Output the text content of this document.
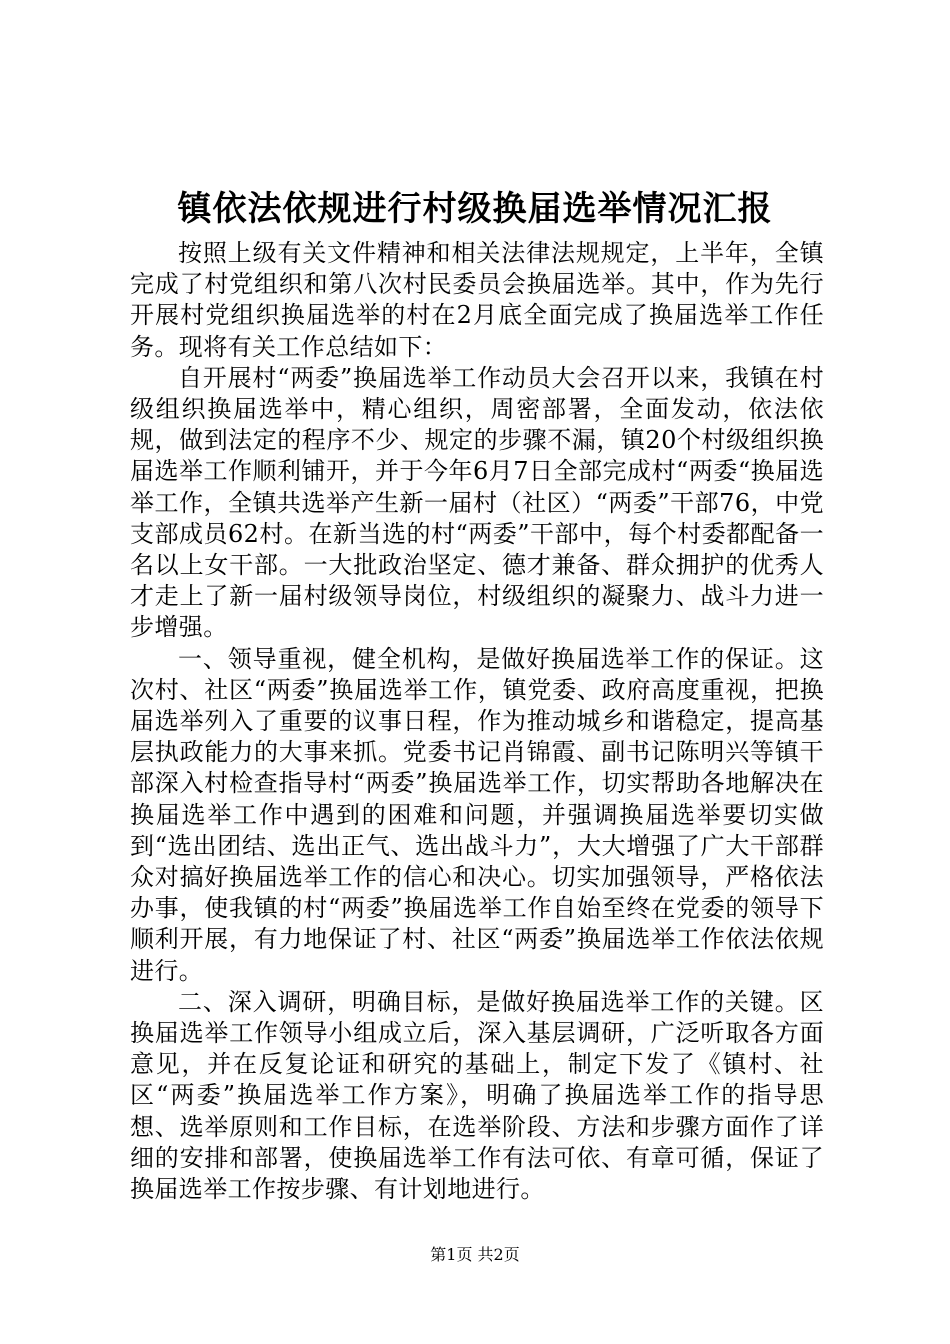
镇依法依规进行村级换届选举情况汇报

按照上级有关文件精神和相关法律法规规定，上半年，全镇完成了村党组织和第八次村民委员会换届选举。其中，作为先行开展村党组织换届选举的村在2月底全面完成了换届选举工作任务。现将有关工作总结如下：

自开展村“两委”换届选举工作动员大会召开以来，我镇在村级组织换届选举中，精心组织，周密部署，全面发动，依法依规，做到法定的程序不少、规定的步骤不漏，镇20个村级组织换届选举工作顺利铺开，并于今年6月7日全部完成村“两委“换届选举工作，全镇共选举产生新一届村（社区）“两委”干部76，中党支部成员62村。在新当选的村“两委”干部中，每个村委都配备一名以上女干部。一大批政治坚定、德才兼备、群众拥护的优秀人才走上了新一届村级领导岗位，村级组织的凝聚力、战斗力进一步增强。

一、领导重视，健全机构，是做好换届选举工作的保证。这次村、社区“两委”换届选举工作，镇党委、政府高度重视，把换届选举列入了重要的议事日程，作为推动城乡和谐稳定，提高基层执政能力的大事来抓。党委书记肖锦霞、副书记陈明兴等镇干部深入村检查指导村“两委”换届选举工作，切实帮助各地解决在换届选举工作中遇到的困难和问题，并强调换届选举要切实做到“选出团结、选出正气、选出战斗力”，大大增强了广大干部群众对搞好换届选举工作的信心和决心。切实加强领导，严格依法办事，使我镇的村“两委”换届选举工作自始至终在党委的领导下顺利开展，有力地保证了村、社区“两委”换届选举工作依法依规进行。

二、深入调研，明确目标，是做好换届选举工作的关键。区换届选举工作领导小组成立后，深入基层调研，广泛听取各方面意见，并在反复论证和研究的基础上，制定下发了《镇村、社区“两委”换届选举工作方案》，明确了换届选举工作的指导思想、选举原则和工作目标，在选举阶段、方法和步骤方面作了详细的安排和部署，使换届选举工作有法可依、有章可循，保证了换届选举工作按步骤、有计划地进行。

第1页 共2页
